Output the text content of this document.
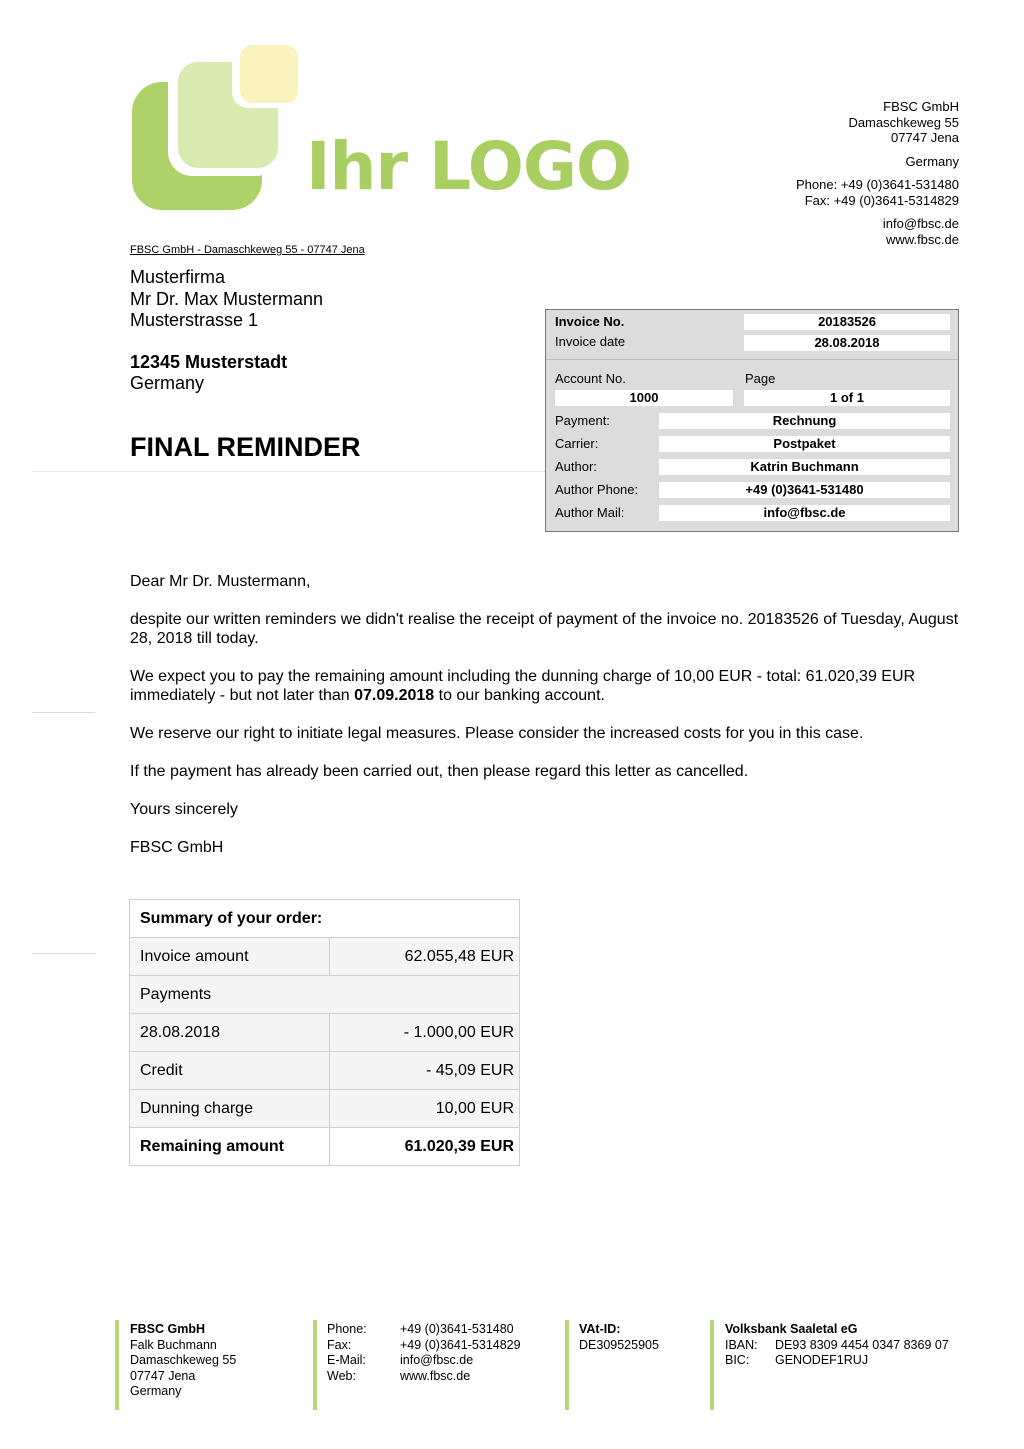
Ihr LOGO
FBSC GmbH
Damaschkeweg 55
07747 Jena
Germany
Phone: +49 (0)3641-531480
Fax: +49 (0)3641-5314829
info@fbsc.de
www.fbsc.de
FBSC GmbH - Damaschkeweg 55 - 07747 Jena
Musterfirma
Mr Dr. Max Mustermann
Musterstrasse 1
12345 Musterstadt
Germany
FINAL REMINDER
Invoice No.	20183526
Invoice date	28.08.2018
Account No.	Page
1000	1 of 1
Payment:	Rechnung
Carrier:	Postpaket
Author:	Katrin Buchmann
Author Phone:	+49 (0)3641-531480
Author Mail:	info@fbsc.de

Dear Mr Dr. Mustermann,

despite our written reminders we didn't realise the receipt of payment of the invoice no. 20183526 of Tuesday, August 28, 2018 till today.

We expect you to pay the remaining amount including the dunning charge of 10,00 EUR - total: 61.020,39 EUR immediately - but not later than 07.09.2018 to our banking account.

We reserve our right to initiate legal measures. Please consider the increased costs for you in this case.

If the payment has already been carried out, then please regard this letter as cancelled.

Yours sincerely

FBSC GmbH

Summary of your order:	
Invoice amount	62.055,48 EUR
Payments	
28.08.2018	- 1.000,00 EUR
Credit	- 45,09 EUR
Dunning charge	10,00 EUR
Remaining amount	61.020,39 EUR
FBSC GmbH
Falk Buchmann
Damaschkeweg 55
07747 Jena
Germany
Phone:	+49 (0)3641-531480
Fax:	+49 (0)3641-5314829
E-Mail:	info@fbsc.de
Web:	www.fbsc.de
VAt-ID:
DE309525905
Volksbank Saaletal eG
IBAN:	DE93 8309 4454 0347 8369 07
BIC:	GENODEF1RUJ
